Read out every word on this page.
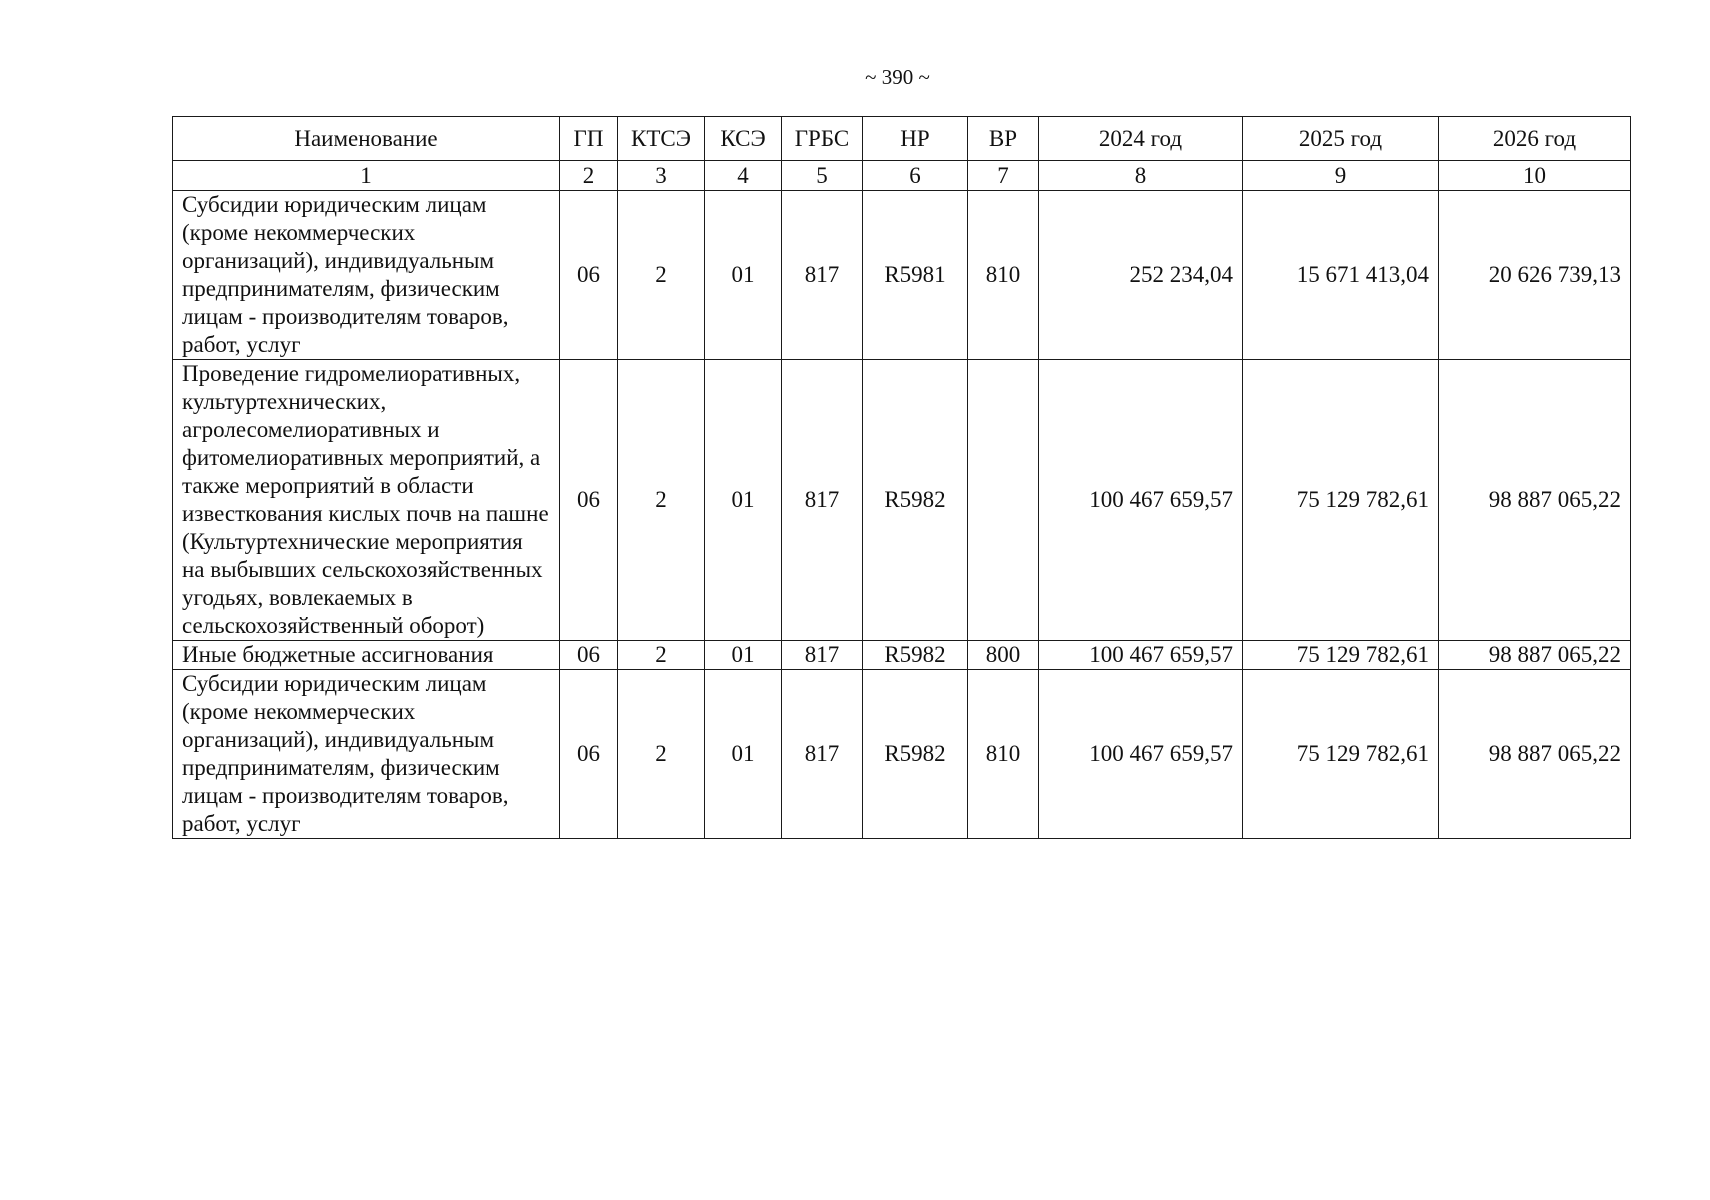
~ 390 ~
Наименование	ГП	КТСЭ	КСЭ	ГРБС	НР	ВР	2024 год	2025 год	2026 год
1	2	3	4	5	6	7	8	9	10
Субсидии юридическим лицам (кроме некоммерческих организаций), индивидуальным предпринимателям, физическим лицам - производителям товаров, работ, услуг	06	2	01	817	R5981	810	252 234,04	15 671 413,04	20 626 739,13
Проведение гидромелиоративных, культуртехнических, агролесомелиоративных и фитомелиоративных мероприятий, а также мероприятий в области известкования кислых почв на пашне (Культуртехнические мероприятия на выбывших сельскохозяйственных угодьях, вовлекаемых в сельскохозяйственный оборот)	06	2	01	817	R5982		100 467 659,57	75 129 782,61	98 887 065,22
Иные бюджетные ассигнования	06	2	01	817	R5982	800	100 467 659,57	75 129 782,61	98 887 065,22
Субсидии юридическим лицам (кроме некоммерческих организаций), индивидуальным предпринимателям, физическим лицам - производителям товаров, работ, услуг	06	2	01	817	R5982	810	100 467 659,57	75 129 782,61	98 887 065,22
